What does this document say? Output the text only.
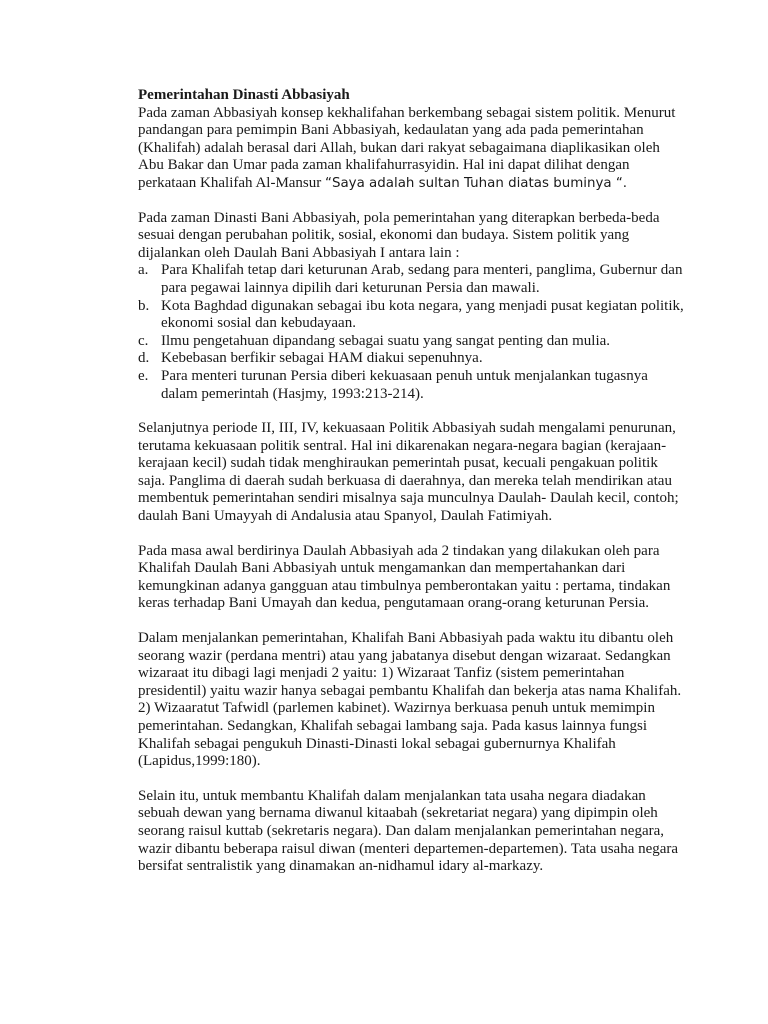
Pemerintahan Dinasti Abbasiyah

Pada zaman Abbasiyah konsep kekhalifahan berkembang sebagai sistem politik. Menurut pandangan para pemimpin Bani Abbasiyah, kedaulatan yang ada pada pemerintahan (Khalifah) adalah berasal dari Allah, bukan dari rakyat sebagaimana diaplikasikan oleh Abu Bakar dan Umar pada zaman khalifahurrasyidin. Hal ini dapat dilihat dengan perkataan Khalifah Al-Mansur “Saya adalah sultan Tuhan diatas buminya “.

Pada zaman Dinasti Bani Abbasiyah, pola pemerintahan yang diterapkan berbeda-beda sesuai dengan perubahan politik, sosial, ekonomi dan budaya. Sistem politik yang dijalankan oleh Daulah Bani Abbasiyah I antara lain :

a. Para Khalifah tetap dari keturunan Arab, sedang para menteri, panglima, Gubernur dan para pegawai lainnya dipilih dari keturunan Persia dan mawali.
b. Kota Baghdad digunakan sebagai ibu kota negara, yang menjadi pusat kegiatan politik, ekonomi sosial dan kebudayaan.
c. Ilmu pengetahuan dipandang sebagai suatu yang sangat penting dan mulia.
d. Kebebasan berfikir sebagai HAM diakui sepenuhnya.
e. Para menteri turunan Persia diberi kekuasaan penuh untuk menjalankan tugasnya dalam pemerintah (Hasjmy, 1993:213-214).

Selanjutnya periode II, III, IV, kekuasaan Politik Abbasiyah sudah mengalami penurunan, terutama kekuasaan politik sentral. Hal ini dikarenakan negara-negara bagian (kerajaan-kerajaan kecil) sudah tidak menghiraukan pemerintah pusat, kecuali pengakuan politik saja. Panglima di daerah sudah berkuasa di daerahnya, dan mereka telah mendirikan atau membentuk pemerintahan sendiri misalnya saja munculnya Daulah- Daulah kecil, contoh; daulah Bani Umayyah di Andalusia atau Spanyol, Daulah Fatimiyah.

Pada masa awal berdirinya Daulah Abbasiyah ada 2 tindakan yang dilakukan oleh para Khalifah Daulah Bani Abbasiyah untuk mengamankan dan mempertahankan dari kemungkinan adanya gangguan atau timbulnya pemberontakan yaitu : pertama, tindakan keras terhadap Bani Umayah dan kedua, pengutamaan orang-orang keturunan Persia.

Dalam menjalankan pemerintahan, Khalifah Bani Abbasiyah pada waktu itu dibantu oleh seorang wazir (perdana mentri) atau yang jabatanya disebut dengan wizaraat. Sedangkan wizaraat itu dibagi lagi menjadi 2 yaitu: 1) Wizaraat Tanfiz (sistem pemerintahan presidentil) yaitu wazir hanya sebagai pembantu Khalifah dan bekerja atas nama Khalifah. 2) Wizaaratut Tafwidl (parlemen kabinet). Wazirnya berkuasa penuh untuk memimpin pemerintahan. Sedangkan, Khalifah sebagai lambang saja. Pada kasus lainnya fungsi Khalifah sebagai pengukuh Dinasti-Dinasti lokal sebagai gubernurnya Khalifah (Lapidus,1999:180).

Selain itu, untuk membantu Khalifah dalam menjalankan tata usaha negara diadakan sebuah dewan yang bernama diwanul kitaabah (sekretariat negara) yang dipimpin oleh seorang raisul kuttab (sekretaris negara). Dan dalam menjalankan pemerintahan negara, wazir dibantu beberapa raisul diwan (menteri departemen-departemen). Tata usaha negara bersifat sentralistik yang dinamakan an-nidhamul idary al-markazy.
